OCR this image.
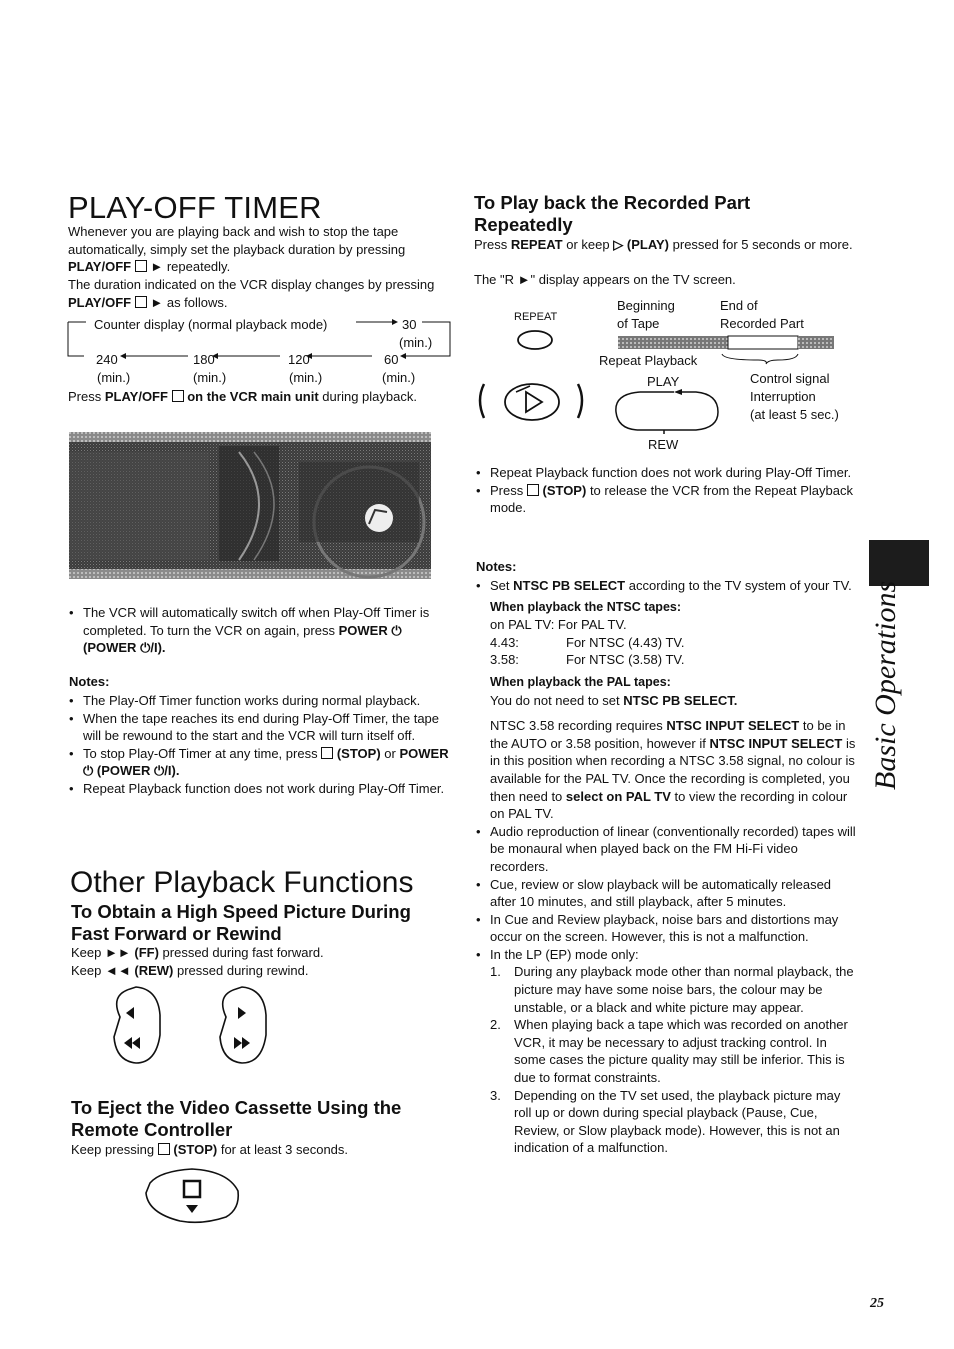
PLAY-OFF TIMER
Whenever you are playing back and wish to stop the tape automatically, simply set the playback duration by pressing PLAY/OFF ► repeatedly.
The duration indicated on the VCR display changes by pressing PLAY/OFF ► as follows.
Counter display (normal playback mode)	30
(min.)
240	180	120	60
(min.)	(min.)	(min.)	(min.)
Press PLAY/OFF on the VCR main unit during playback.
• The VCR will automatically switch off when Play-Off Timer is completed. To turn the VCR on again, press POWER ⏻ (POWER ⏻/I).
Notes:
• The Play-Off Timer function works during normal playback.
• When the tape reaches its end during Play-Off Timer, the tape will be rewound to the start and the VCR will turn itself off.
• To stop Play-Off Timer at any time, press (STOP) or POWER ⏻ (POWER ⏻/I).
• Repeat Playback function does not work during Play-Off Timer.
Other Playback Functions
To Obtain a High Speed Picture During Fast Forward or Rewind
Keep ►► (FF) pressed during fast forward.
Keep ◄◄ (REW) pressed during rewind.
To Eject the Video Cassette Using the Remote Controller
Keep pressing (STOP) for at least 3 seconds.
To Play back the Recorded Part Repeatedly
Press REPEAT or keep ▷ (PLAY) pressed for 5 seconds or more.
The "R ►" display appears on the TV screen.
REPEAT
Beginning
of Tape
End of
Recorded Part
Repeat Playback
PLAY
REW
Control signal
Interruption
(at least 5 sec.)
• Repeat Playback function does not work during Play-Off Timer.
• Press (STOP) to release the VCR from the Repeat Playback mode.
Notes:
• Set NTSC PB SELECT according to the TV system of your TV.
When playback the NTSC tapes:
on PAL TV: For PAL TV.
4.43:	For NTSC (4.43) TV.
3.58:	For NTSC (3.58) TV.
When playback the PAL tapes:
You do not need to set NTSC PB SELECT.
NTSC 3.58 recording requires NTSC INPUT SELECT to be in the AUTO or 3.58 position, however if NTSC INPUT SELECT is in this position when recording a NTSC 3.58 signal, no colour is available for the PAL TV. Once the recording is completed, you then need to select on PAL TV to view the recording in colour on PAL TV.
• Audio reproduction of linear (conventionally recorded) tapes will be monaural when played back on the FM Hi-Fi video recorders.
• Cue, review or slow playback will be automatically released after 10 minutes, and still playback, after 5 minutes.
• In Cue and Review playback, noise bars and distortions may occur on the screen. However, this is not a malfunction.
• In the LP (EP) mode only:
1. During any playback mode other than normal playback, the picture may have some noise bars, the colour may be unstable, or a black and white picture may appear.
2. When playing back a tape which was recorded on another VCR, it may be necessary to adjust tracking control. In some cases the picture quality may still be inferior. This is due to format constraints.
3. Depending on the TV set used, the playback picture may roll up or down during special playback (Pause, Cue, Review, or Slow playback mode). However, this is not an indication of a malfunction.
Basic Operations
25
